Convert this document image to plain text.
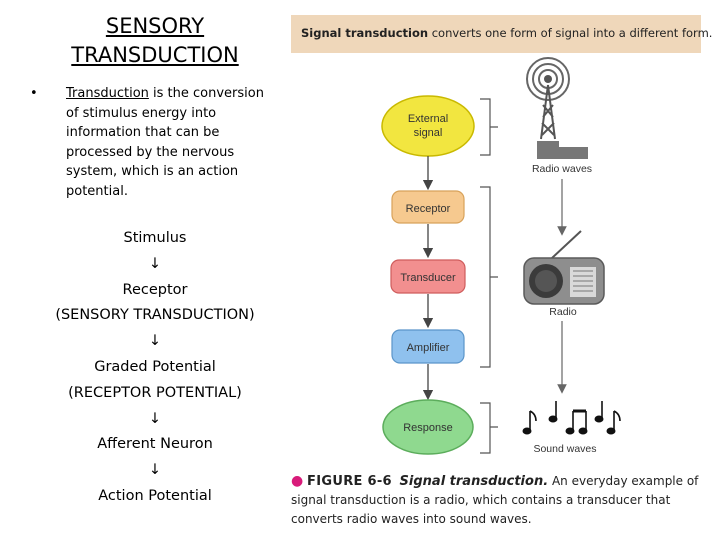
SENSORY
TRANSDUCTION
• Transduction is the conversion of stimulus energy into information that can be processed by the nervous system, which is an action potential.
Stimulus
↓
Receptor
(SENSORY TRANSDUCTION)
↓
Graded Potential
(RECEPTOR POTENTIAL)
↓
Afferent Neuron
↓
Action Potential
Signal transduction converts one form of signal into a different form.
External
signal
Receptor
Transducer
Amplifier
Response
Radio waves
Radio
Sound waves
● FIGURE 6-6 Signal transduction. An everyday example of signal transduction is a radio, which contains a transducer that converts radio waves into sound waves.
